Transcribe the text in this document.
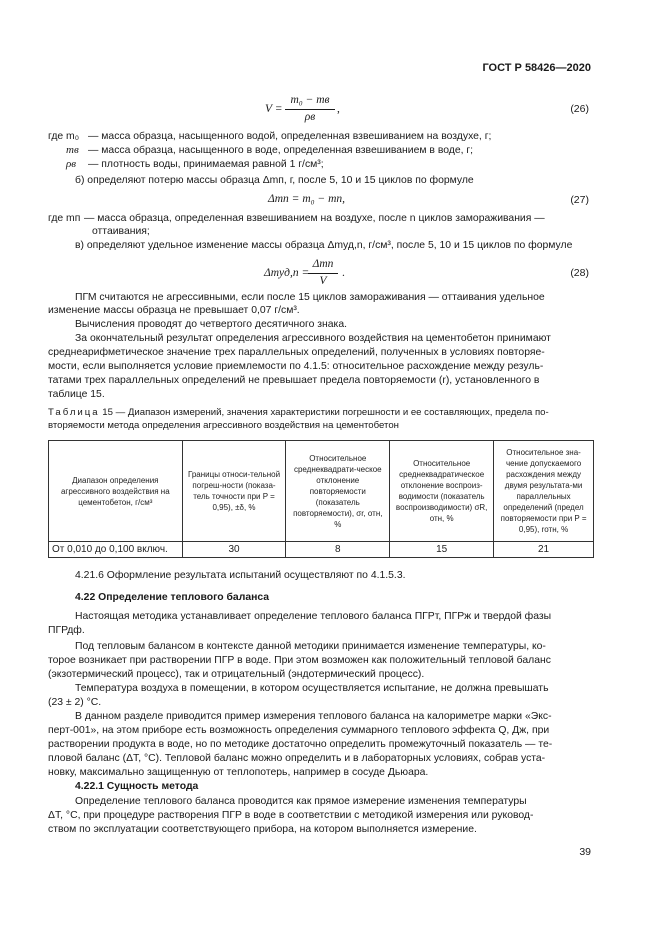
ГОСТ Р 58426—2020
39
V =
m₀ − mв
ρв
,	(26)
где m₀ — масса образца, насыщенного водой, определенная взвешиванием на воздухе, г;
mв — масса образца, насыщенного в воде, определенная взвешиванием в воде, г;
ρв — плотность воды, принимаемая равной 1 г/см³;
б) определяют потерю массы образца Δmп, г, после 5, 10 и 15 циклов по формуле
Δmп = m₀ − mп,	(27)
где mп — масса образца, определенная взвешиванием на воздухе, после n циклов замораживания —
оттаивания;
в) определяют удельное изменение массы образца Δmуд,n, г/см³, после 5, 10 и 15 циклов по формуле
Δmуд,n =
Δmп
V
.	(28)
ПГМ считаются не агрессивными, если после 15 циклов замораживания — оттаивания удельное
изменение массы образца не превышает 0,07 г/см³.
Вычисления проводят до четвертого десятичного знака.
За окончательный результат определения агрессивного воздействия на цементобетон принимают
среднеарифметическое значение трех параллельных определений, полученных в условиях повторяе-
мости, если выполняется условие приемлемости по 4.1.5: относительное расхождение между резуль-
татами трех параллельных определений не превышает предела повторяемости (r), установленного в
таблице 15.
Таблица 15 — Диапазон измерений, значения характеристики погрешности и ее составляющих, предела по-
вторяемости метода определения агрессивного воздействия на цементобетон
Диапазон определения агрессивного воздействия на цементобетон, г/см³	Границы относи-тельной погреш-ности (показа-тель точности при P = 0,95), ±δ, %	Относительное среднеквадрати-ческое отклонение повторяемости (показатель повторяемости), σr, отн, %	Относительное среднеквадратическое отклонение воспроиз-водимости (показатель воспроизводимости) σR, отн, %	Относительное зна-чение допускаемого расхождения между двумя результата-ми параллельных определений (предел повторяемости при P = 0,95), rотн, %
От 0,010 до 0,100 включ.	30	8	15	21
4.21.6 Оформление результата испытаний осуществляют по 4.1.5.3.
4.22 Определение теплового баланса
Настоящая методика устанавливает определение теплового баланса ПГРт, ПГРж и твердой фазы
ПГРдф.
Под тепловым балансом в контексте данной методики принимается изменение температуры, ко-
торое возникает при растворении ПГР в воде. При этом возможен как положительный тепловой баланс
(экзотермический процесс), так и отрицательный (эндотермический процесс).
Температура воздуха в помещении, в котором осуществляется испытание, не должна превышать
(23 ± 2) °С.
В данном разделе приводится пример измерения теплового баланса на калориметре марки «Экс-
перт-001», на этом приборе есть возможность определения суммарного теплового эффекта Q, Дж, при
растворении продукта в воде, но по методике достаточно определить промежуточный показатель — те-
пловой баланс (ΔT, °С). Тепловой баланс можно определить и в лабораторных условиях, собрав уста-
новку, максимально защищенную от теплопотерь, например в сосуде Дьюара.
4.22.1 Сущность метода
Определение теплового баланса проводится как прямое измерение изменения температуры
ΔT, °С, при процедуре растворения ПГР в воде в соответствии с методикой измерения или руковод-
ством по эксплуатации соответствующего прибора, на котором выполняется измерение.
